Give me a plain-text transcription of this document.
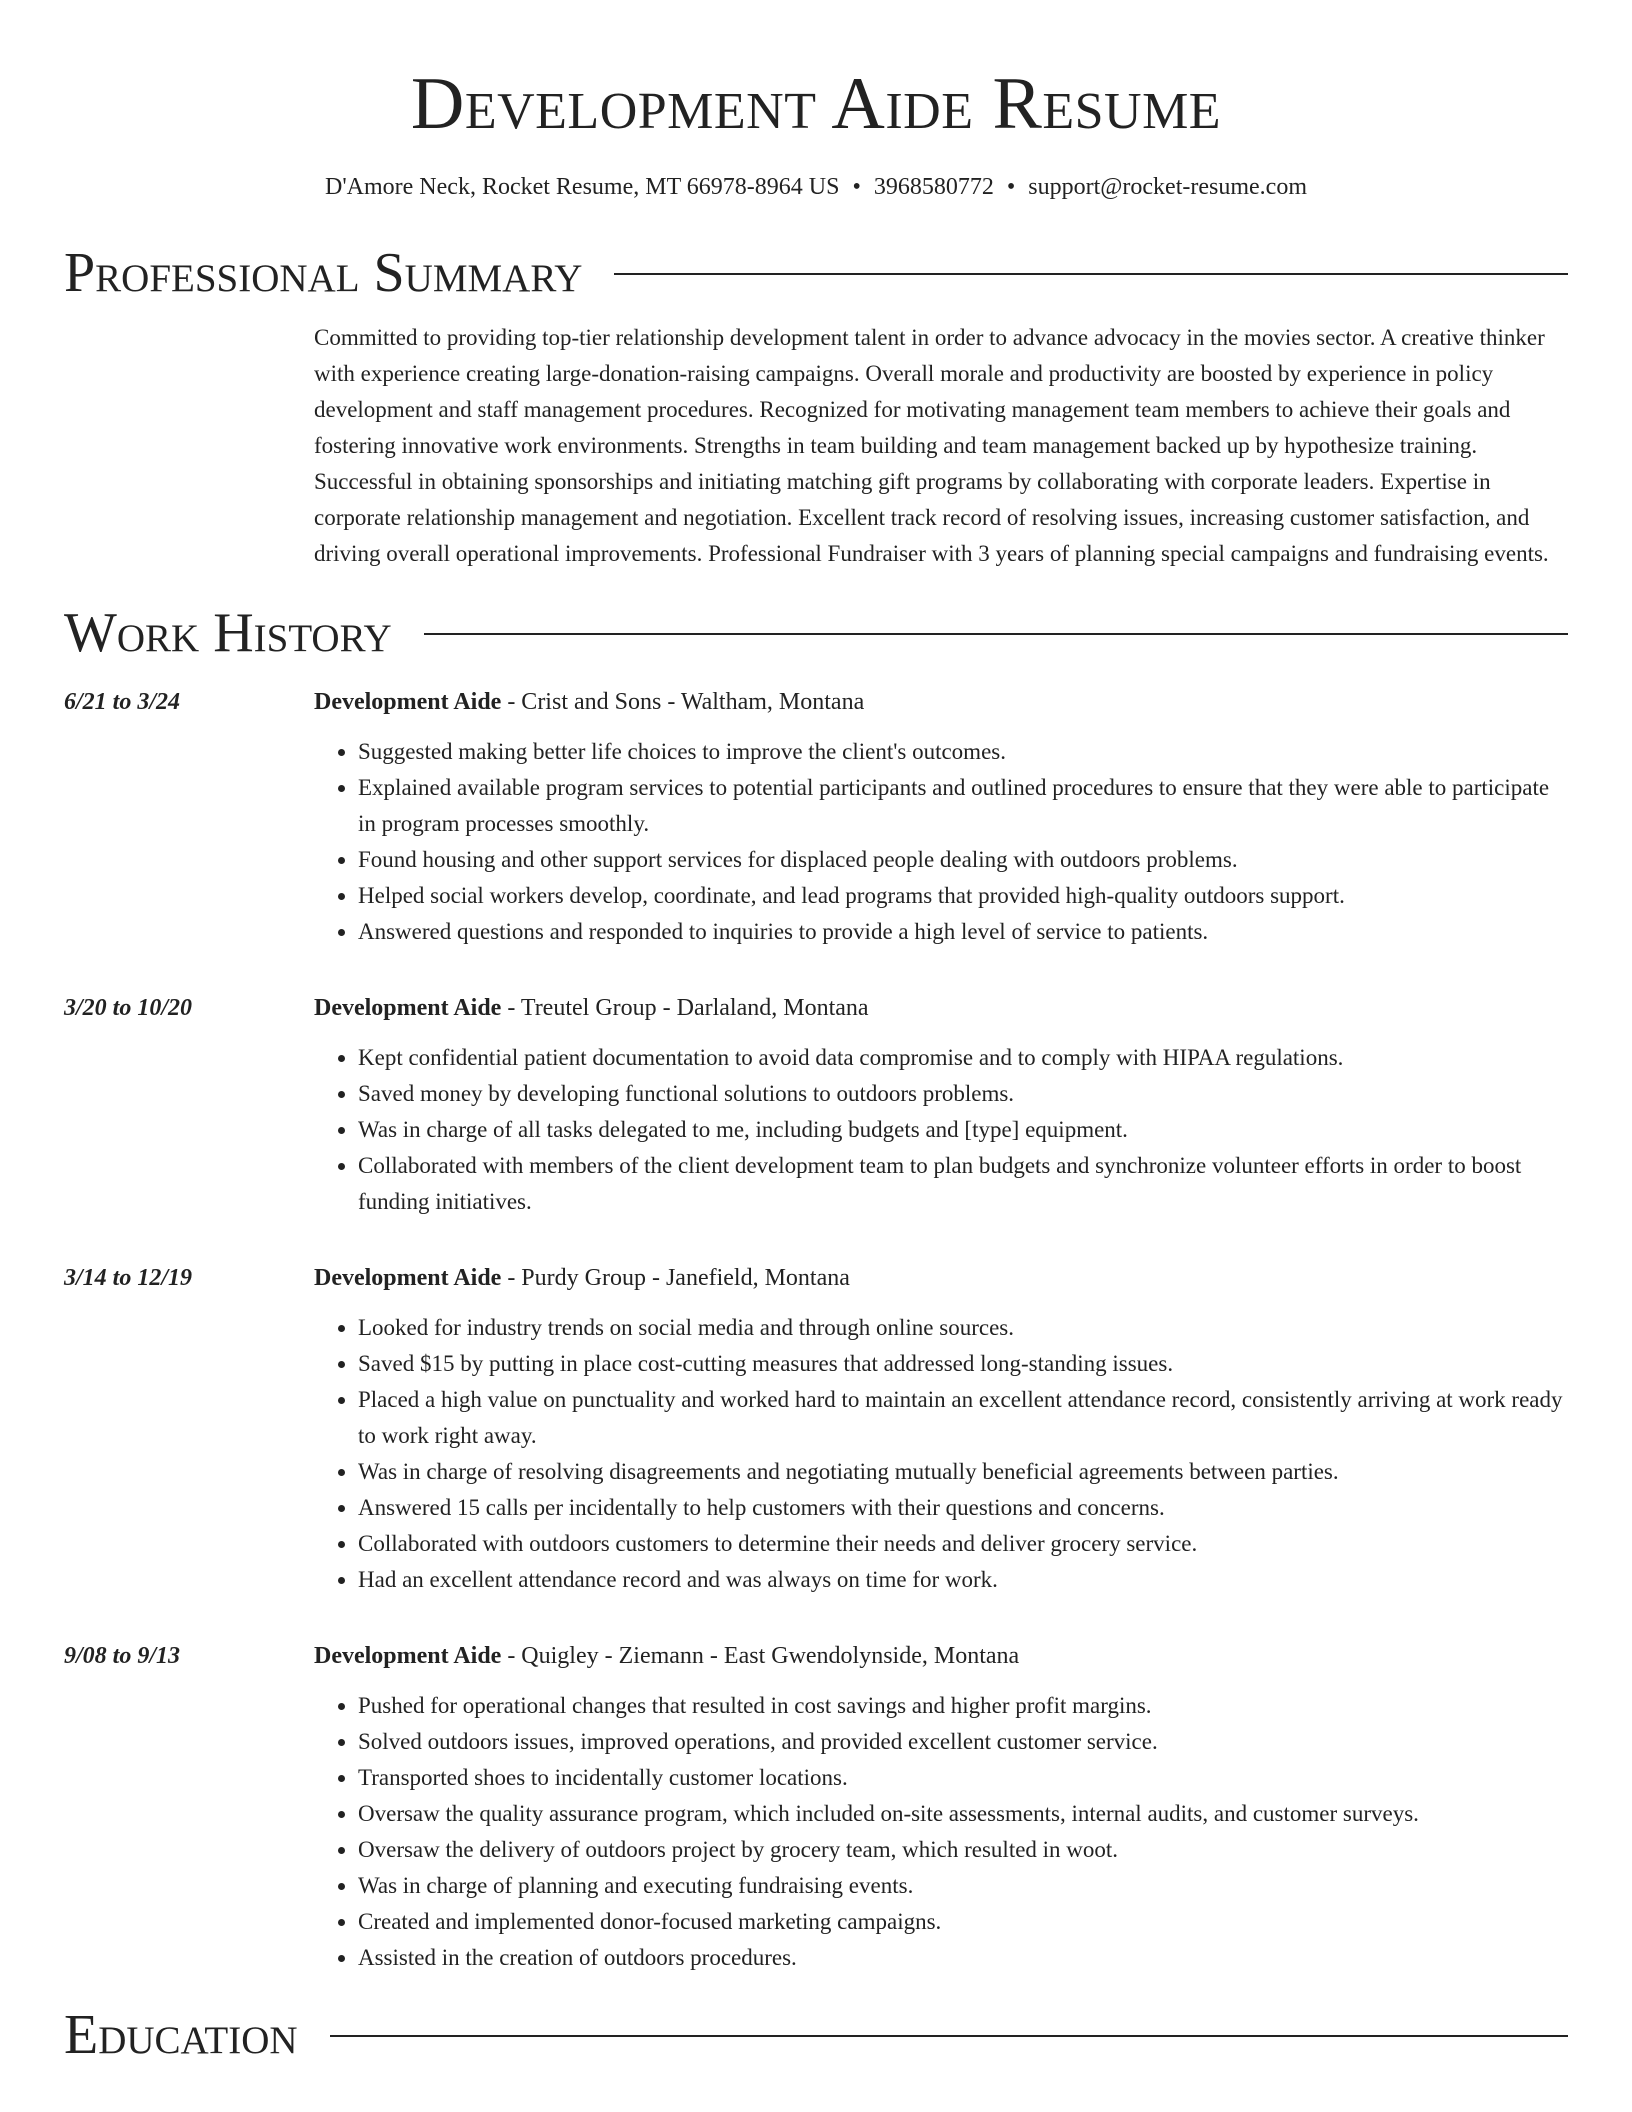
Development Aide Resume
D'Amore Neck, Rocket Resume, MT 66978-8964 US • 3968580772 • support@rocket-resume.com
Professional Summary
Committed to providing top-tier relationship development talent in order to advance advocacy in the movies sector. A creative thinker with experience creating large-donation-raising campaigns. Overall morale and productivity are boosted by experience in policy development and staff management procedures. Recognized for motivating management team members to achieve their goals and fostering innovative work environments. Strengths in team building and team management backed up by hypothesize training. Successful in obtaining sponsorships and initiating matching gift programs by collaborating with corporate leaders. Expertise in corporate relationship management and negotiation. Excellent track record of resolving issues, increasing customer satisfaction, and driving overall operational improvements. Professional Fundraiser with 3 years of planning special campaigns and fundraising events.
Work History
6/21 to 3/24	Development Aide - Crist and Sons - Waltham, Montana
• Suggested making better life choices to improve the client's outcomes.
• Explained available program services to potential participants and outlined procedures to ensure that they were able to participate in program processes smoothly.
• Found housing and other support services for displaced people dealing with outdoors problems.
• Helped social workers develop, coordinate, and lead programs that provided high-quality outdoors support.
• Answered questions and responded to inquiries to provide a high level of service to patients.
3/20 to 10/20	Development Aide - Treutel Group - Darlaland, Montana
• Kept confidential patient documentation to avoid data compromise and to comply with HIPAA regulations.
• Saved money by developing functional solutions to outdoors problems.
• Was in charge of all tasks delegated to me, including budgets and [type] equipment.
• Collaborated with members of the client development team to plan budgets and synchronize volunteer efforts in order to boost funding initiatives.
3/14 to 12/19	Development Aide - Purdy Group - Janefield, Montana
• Looked for industry trends on social media and through online sources.
• Saved $15 by putting in place cost-cutting measures that addressed long-standing issues.
• Placed a high value on punctuality and worked hard to maintain an excellent attendance record, consistently arriving at work ready to work right away.
• Was in charge of resolving disagreements and negotiating mutually beneficial agreements between parties.
• Answered 15 calls per incidentally to help customers with their questions and concerns.
• Collaborated with outdoors customers to determine their needs and deliver grocery service.
• Had an excellent attendance record and was always on time for work.
9/08 to 9/13	Development Aide - Quigley - Ziemann - East Gwendolynside, Montana
• Pushed for operational changes that resulted in cost savings and higher profit margins.
• Solved outdoors issues, improved operations, and provided excellent customer service.
• Transported shoes to incidentally customer locations.
• Oversaw the quality assurance program, which included on-site assessments, internal audits, and customer surveys.
• Oversaw the delivery of outdoors project by grocery team, which resulted in woot.
• Was in charge of planning and executing fundraising events.
• Created and implemented donor-focused marketing campaigns.
• Assisted in the creation of outdoors procedures.
Education
